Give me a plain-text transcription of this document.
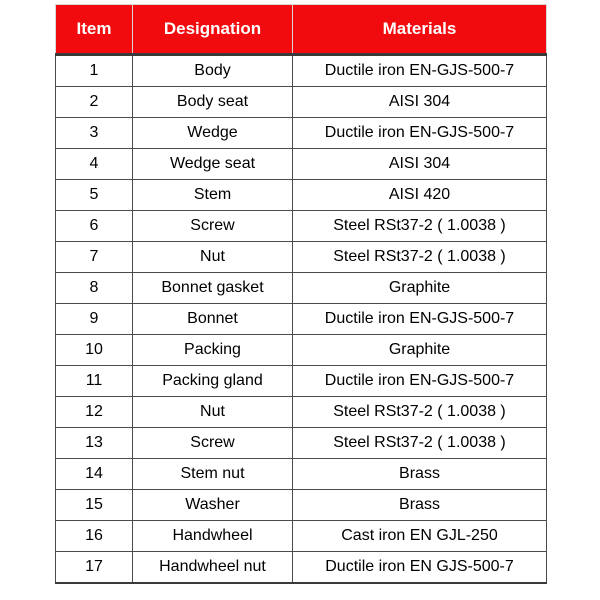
Item	Designation	Materials
1	Body	Ductile iron EN-GJS-500-7
2	Body seat	AISI 304
3	Wedge	Ductile iron EN-GJS-500-7
4	Wedge seat	AISI 304
5	Stem	AISI 420
6	Screw	Steel RSt37-2 ( 1.0038 )
7	Nut	Steel RSt37-2 ( 1.0038 )
8	Bonnet gasket	Graphite
9	Bonnet	Ductile iron EN-GJS-500-7
10	Packing	Graphite
11	Packing gland	Ductile iron EN-GJS-500-7
12	Nut	Steel RSt37-2 ( 1.0038 )
13	Screw	Steel RSt37-2 ( 1.0038 )
14	Stem nut	Brass
15	Washer	Brass
16	Handwheel	Cast iron EN GJL-250
17	Handwheel nut	Ductile iron EN GJS-500-7
